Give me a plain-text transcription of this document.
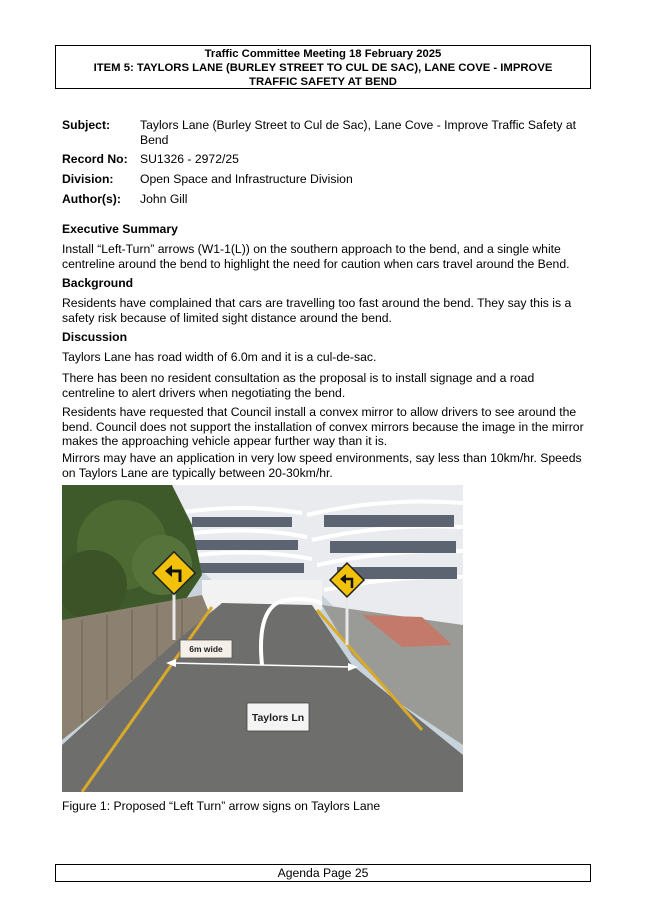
Traffic Committee Meeting 18 February 2025
ITEM 5: TAYLORS LANE (BURLEY STREET TO CUL DE SAC), LANE COVE - IMPROVE
TRAFFIC SAFETY AT BEND
Subject:	Taylors Lane (Burley Street to Cul de Sac), Lane Cove - Improve Traffic Safety at Bend
Record No:	SU1326 - 2972/25
Division:	Open Space and Infrastructure Division
Author(s):	John Gill
Executive Summary
Install “Left-Turn” arrows (W1-1(L)) on the southern approach to the bend, and a single white centreline around the bend to highlight the need for caution when cars travel around the Bend.
Background
Residents have complained that cars are travelling too fast around the bend. They say this is a safety risk because of limited sight distance around the bend.
Discussion
Taylors Lane has road width of 6.0m and it is a cul-de-sac.
There has been no resident consultation as the proposal is to install signage and a road centreline to alert drivers when negotiating the bend.
Residents have requested that Council install a convex mirror to allow drivers to see around the bend. Council does not support the installation of convex mirrors because the image in the mirror makes the approaching vehicle appear further way than it is.
Mirrors may have an application in very low speed environments, say less than 10km/hr. Speeds on Taylors Lane are typically between 20-30km/hr.
6m wide
Taylors Ln
Figure 1: Proposed “Left Turn” arrow signs on Taylors Lane
Agenda Page 25
